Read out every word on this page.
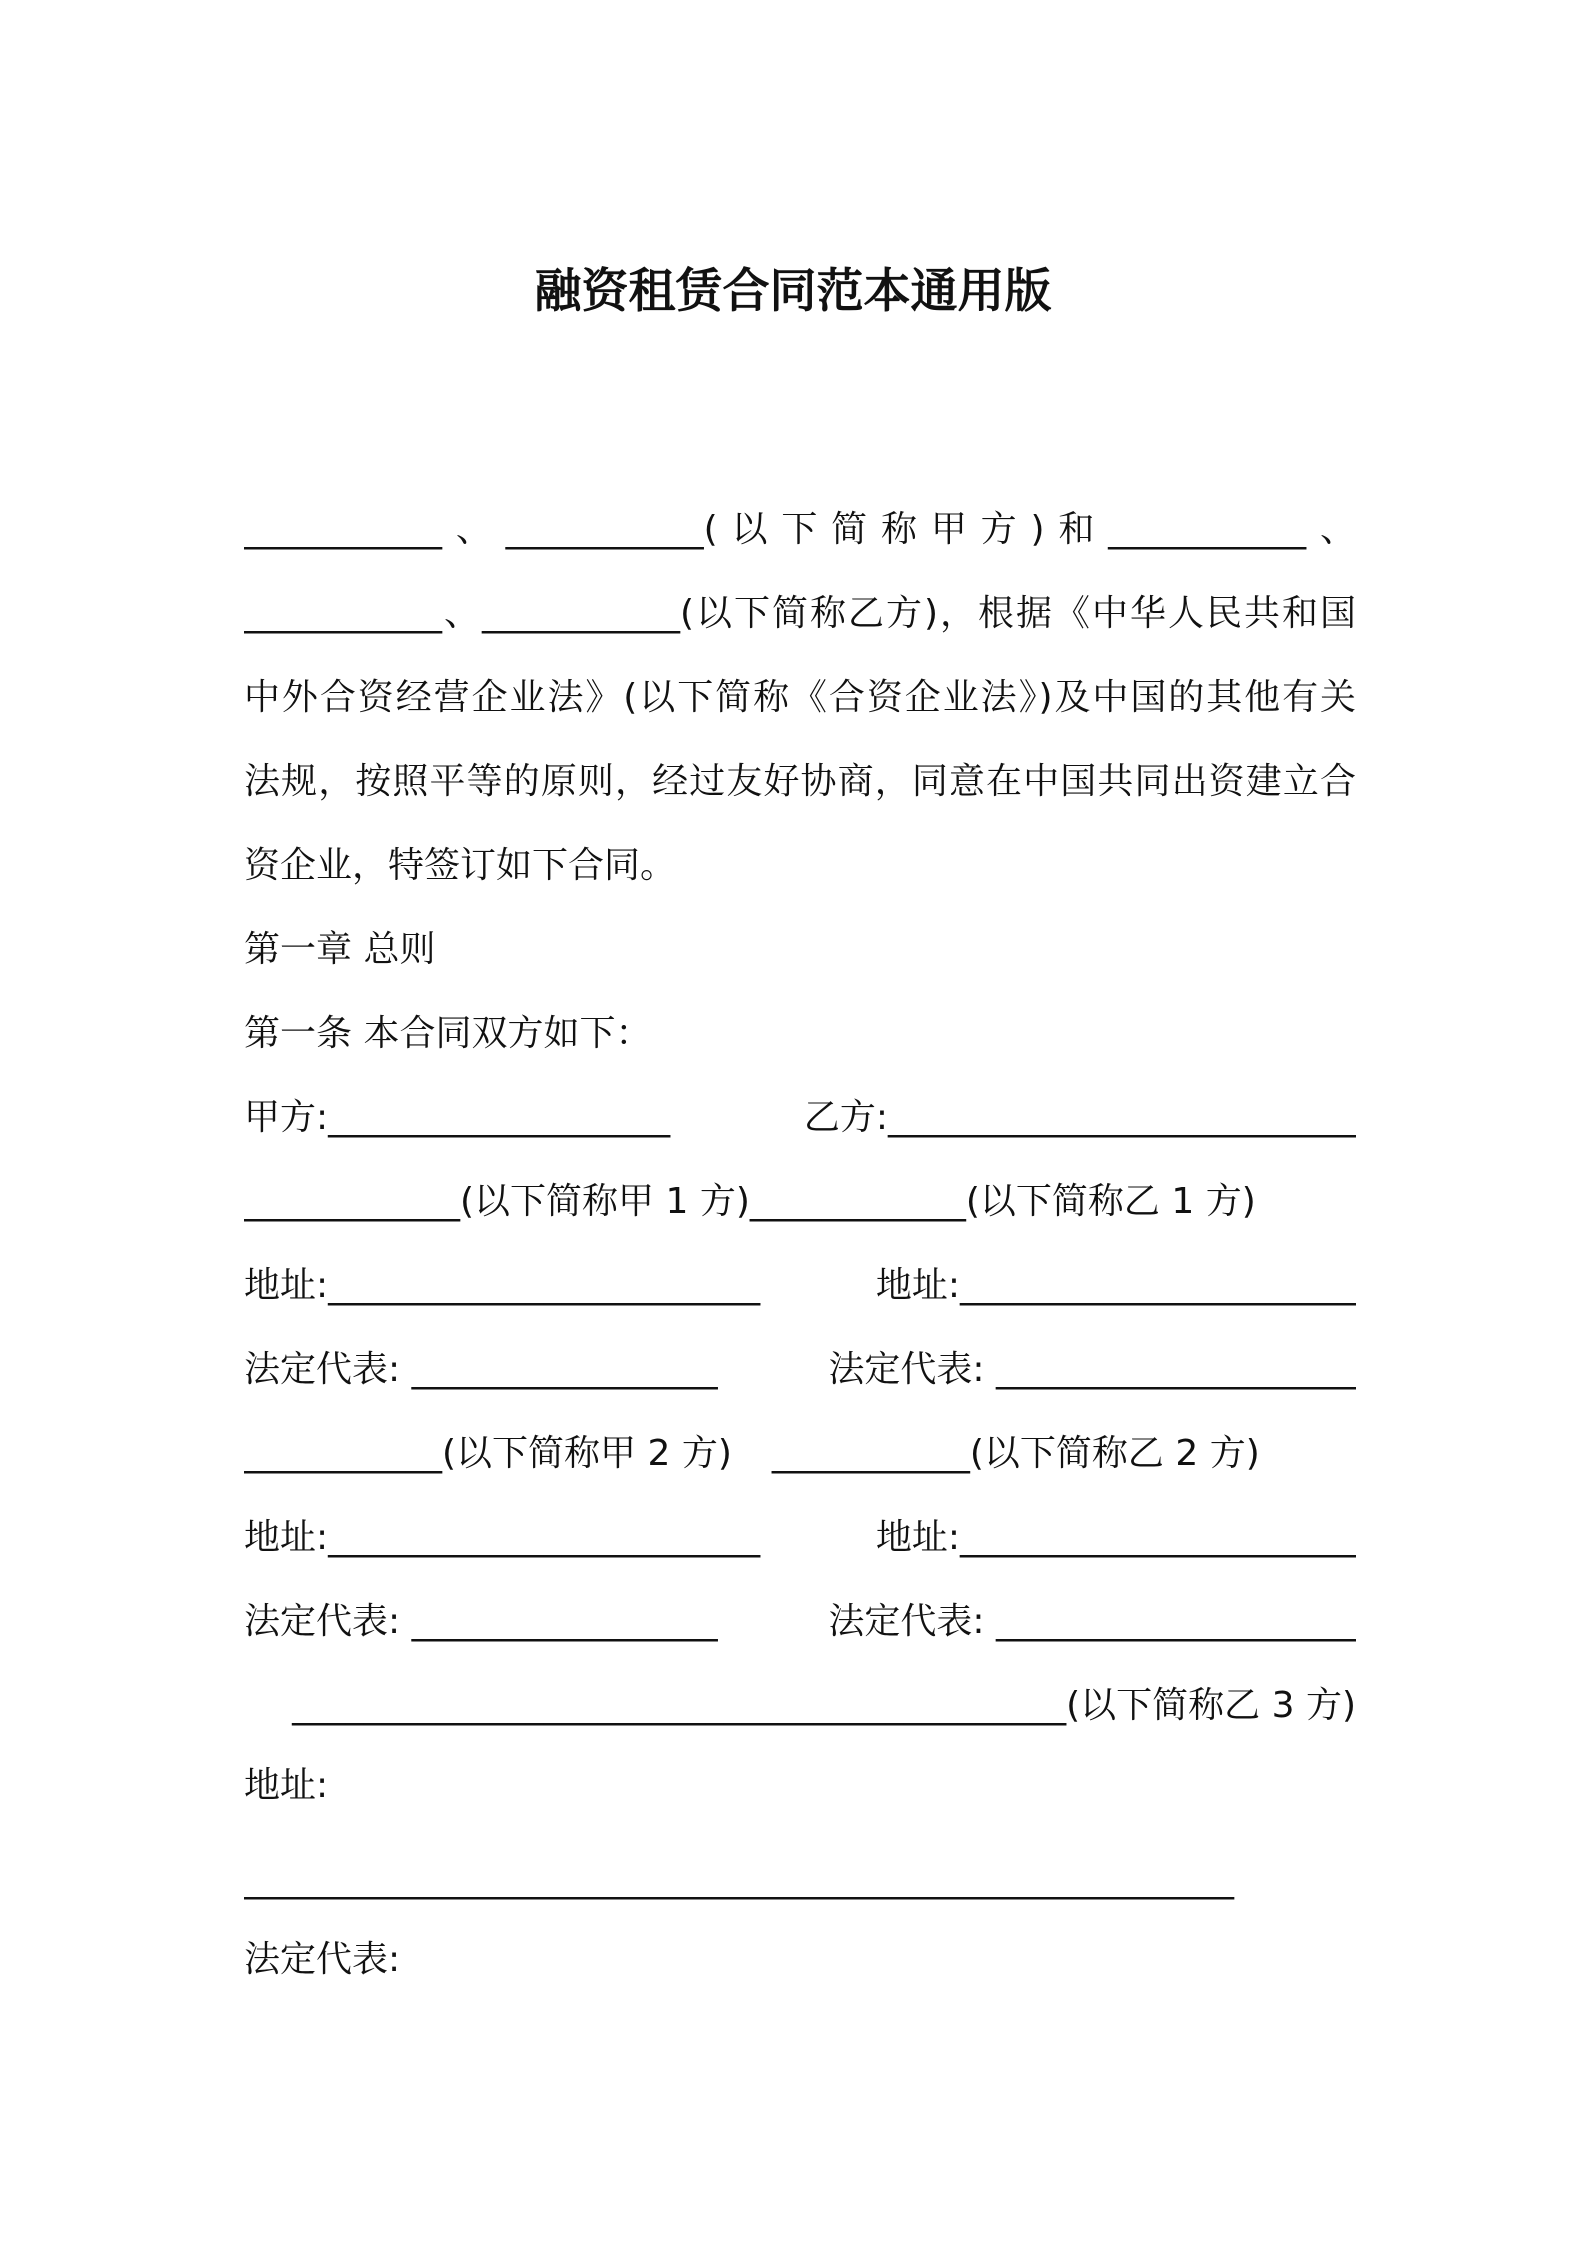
融资租赁合同范本通用版
___________、___________(以下简称甲方)和___________、
___________、___________(以下简称乙方)，根据《中华人民共和国
中外合资经营企业法》(以下简称《合资企业法》)及中国的其他有关
法规，按照平等的原则，经过友好协商，同意在中国共同出资建立合
资企业，特签订如下合同。
第一章 总则
第一条 本合同双方如下：
甲方:___________________	乙方:__________________________
____________(以下简称甲 1 方)____________(以下简称乙 1 方)
地址:________________________	地址:______________________
法定代表: _________________	法定代表: ____________________
___________(以下简称甲 2 方) ___________(以下简称乙 2 方)
地址:________________________	地址:______________________
法定代表: _________________	法定代表: ____________________
___________________________________________(以下简称乙 3 方)
地址:
_______________________________________________________
法定代表:
